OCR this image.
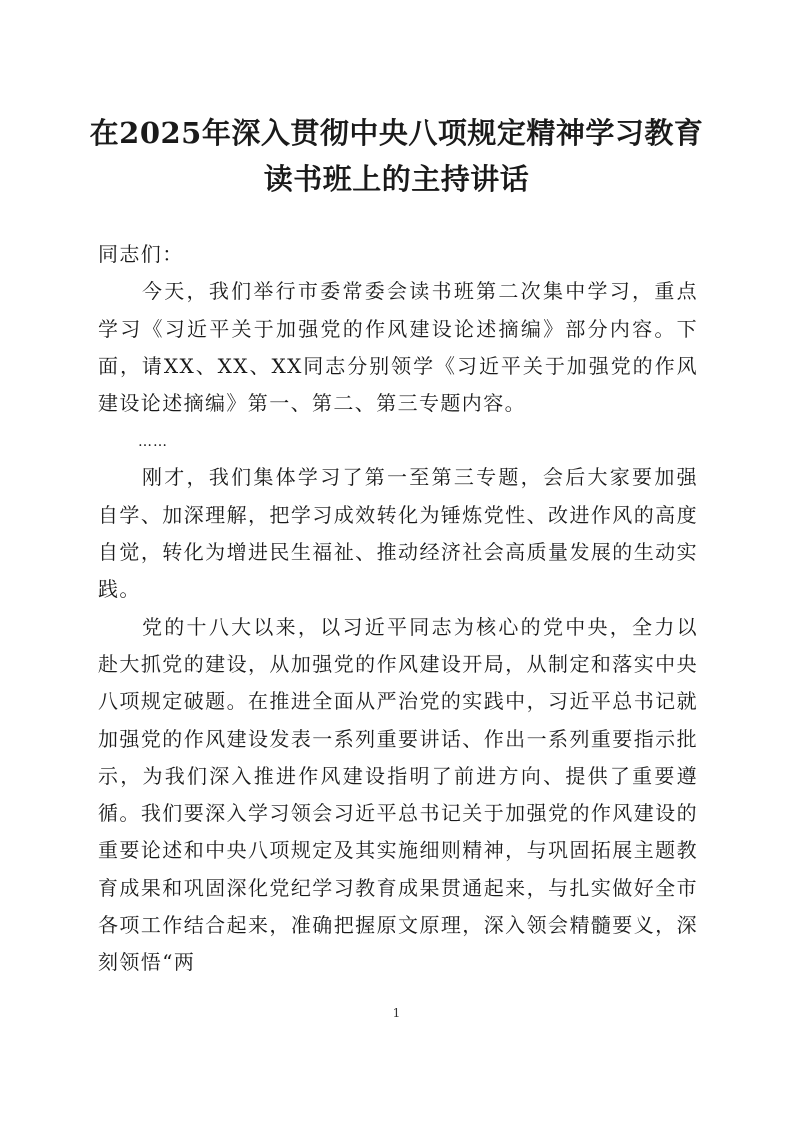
在2025年深入贯彻中央八项规定精神学习教育
读书班上的主持讲话

同志们：

今天，我们举行市委常委会读书班第二次集中学习，重点学习《习近平关于加强党的作风建设论述摘编》部分内容。下面，请XX、XX、XX同志分别领学《习近平关于加强党的作风建设论述摘编》第一、第二、第三专题内容。

……

刚才，我们集体学习了第一至第三专题，会后大家要加强自学、加深理解，把学习成效转化为锤炼党性、改进作风的高度自觉，转化为增进民生福祉、推动经济社会高质量发展的生动实践。

党的十八大以来，以习近平同志为核心的党中央，全力以赴大抓党的建设，从加强党的作风建设开局，从制定和落实中央八项规定破题。在推进全面从严治党的实践中，习近平总书记就加强党的作风建设发表一系列重要讲话、作出一系列重要指示批示，为我们深入推进作风建设指明了前进方向、提供了重要遵循。我们要深入学习领会习近平总书记关于加强党的作风建设的重要论述和中央八项规定及其实施细则精神，与巩固拓展主题教育成果和巩固深化党纪学习教育成果贯通起来，与扎实做好全市各项工作结合起来，准确把握原文原理，深入领会精髓要义，深刻领悟“两

1
